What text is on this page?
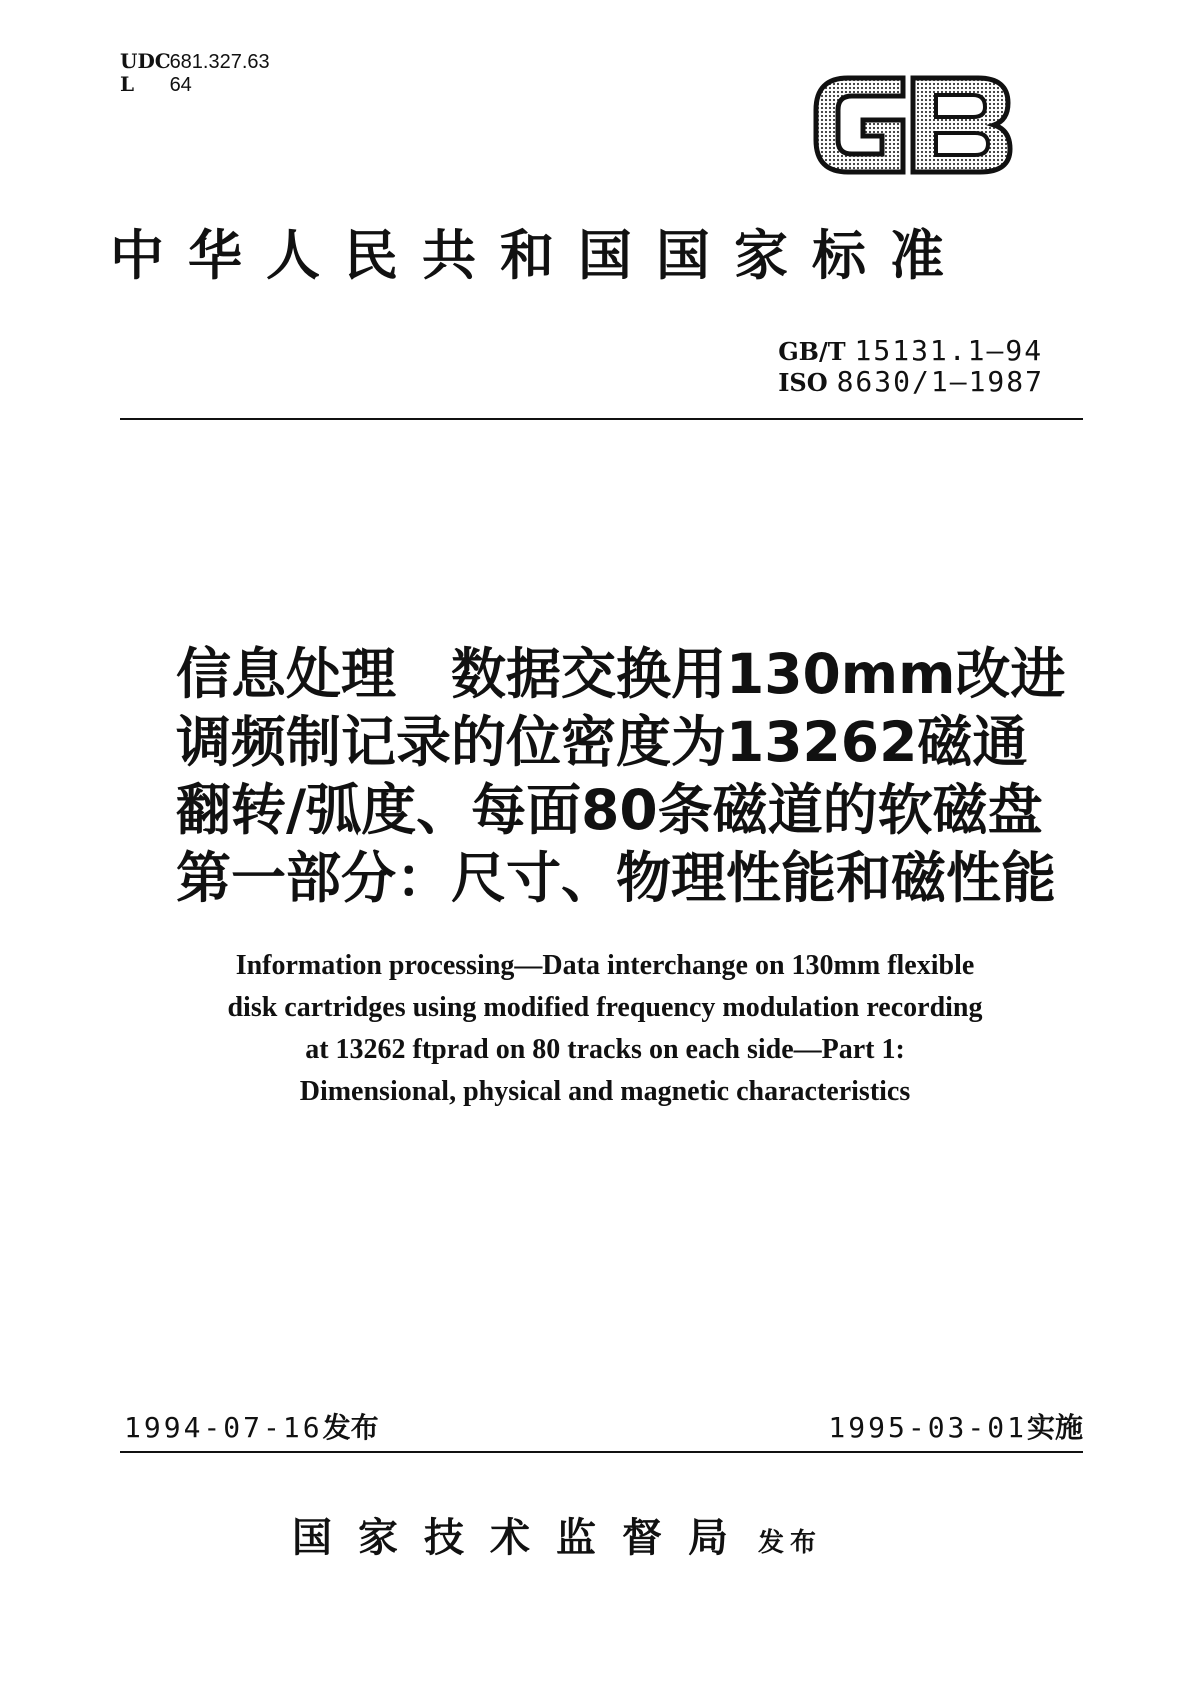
UDC 681.327.63
L 64
中华人民共和国国家标准
GB/T 15131.1—94
ISO 8630/1—1987
信息处理　数据交换用130mm改进
调频制记录的位密度为13262磁通
翻转/弧度、每面80条磁道的软磁盘
第一部分：尺寸、物理性能和磁性能
Information processing—Data interchange on 130mm flexible
disk cartridges using modified frequency modulation recording
at 13262 ftprad on 80 tracks on each side—Part 1:
Dimensional, physical and magnetic characteristics
1994-07-16发布	1995-03-01实施
国家技术监督局 发布
